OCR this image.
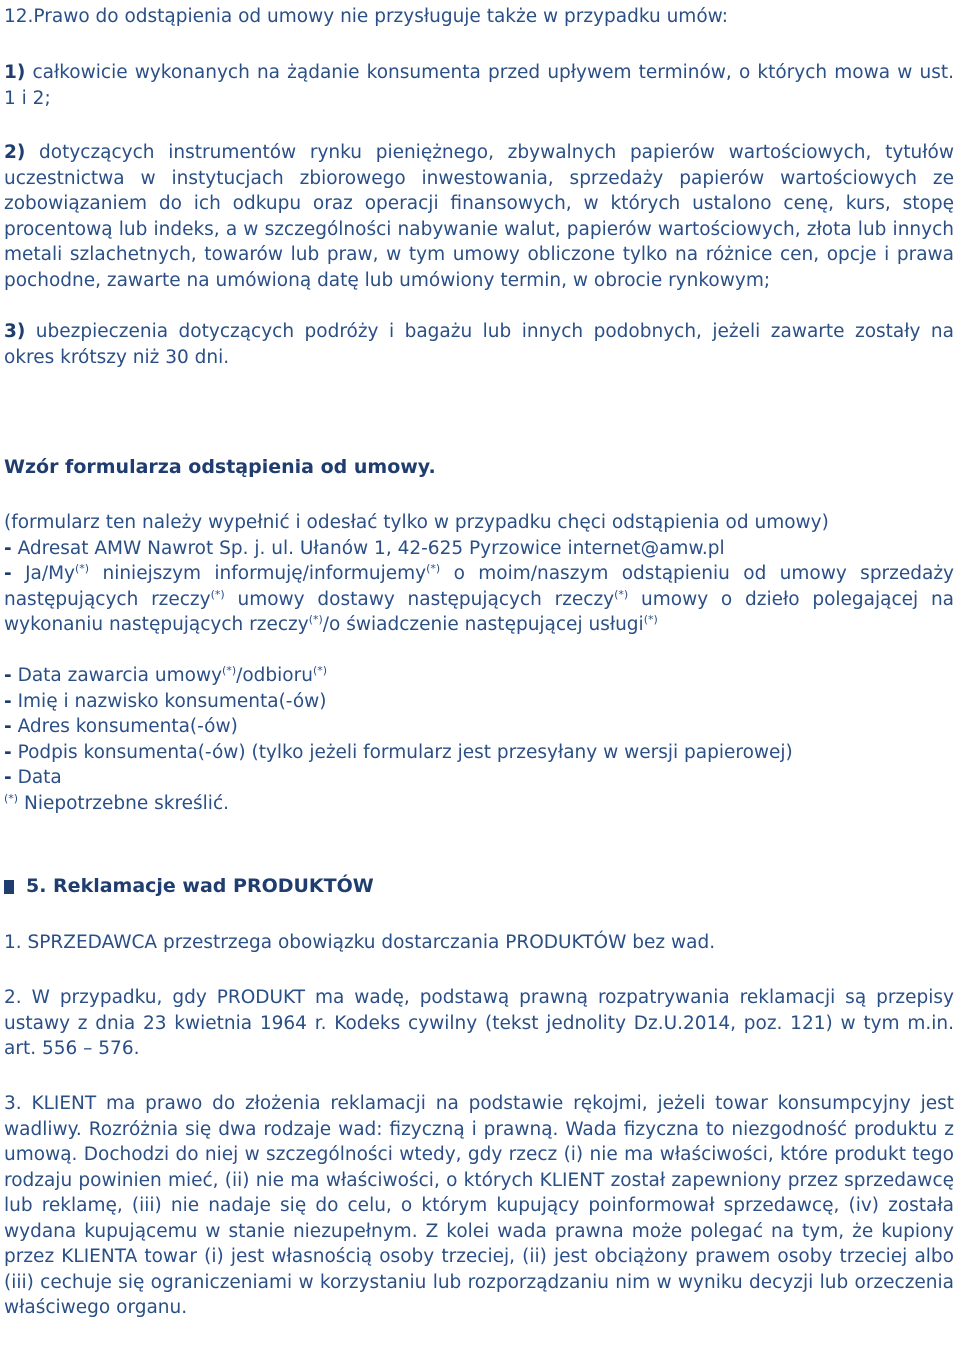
12.Prawo do odstąpienia od umowy nie przysługuje także w przypadku umów:

1) całkowicie wykonanych na żądanie konsumenta przed upływem terminów, o których mowa w ust. 1 i 2;

2) dotyczących instrumentów rynku pieniężnego, zbywalnych papierów wartościowych, tytułów uczestnictwa w instytucjach zbiorowego inwestowania, sprzedaży papierów wartościowych ze zobowiązaniem do ich odkupu oraz operacji finansowych, w których ustalono cenę, kurs, stopę procentową lub indeks, a w szczególności nabywanie walut, papierów wartościowych, złota lub innych metali szlachetnych, towarów lub praw, w tym umowy obliczone tylko na różnice cen, opcje i prawa pochodne, zawarte na umówioną datę lub umówiony termin, w obrocie rynkowym;

3) ubezpieczenia dotyczących podróży i bagażu lub innych podobnych, jeżeli zawarte zostały na okres krótszy niż 30 dni.

Wzór formularza odstąpienia od umowy.

(formularz ten należy wypełnić i odesłać tylko w przypadku chęci odstąpienia od umowy)

- Adresat AMW Nawrot Sp. j. ul. Ułanów 1, 42-625 Pyrzowice internet@amw.pl

- Ja/My(*) niniejszym informuję/informujemy(*) o moim/naszym odstąpieniu od umowy sprzedaży następujących rzeczy(*) umowy dostawy następujących rzeczy(*) umowy o dzieło polegającej na wykonaniu następujących rzeczy(*)/o świadczenie następującej usługi(*)

- Data zawarcia umowy(*)/odbioru(*)

- Imię i nazwisko konsumenta(-ów)

- Adres konsumenta(-ów)

- Podpis konsumenta(-ów) (tylko jeżeli formularz jest przesyłany w wersji papierowej)

- Data

(*) Niepotrzebne skreślić.

5. Reklamacje wad PRODUKTÓW

1. SPRZEDAWCA przestrzega obowiązku dostarczania PRODUKTÓW bez wad.

2. W przypadku, gdy PRODUKT ma wadę, podstawą prawną rozpatrywania reklamacji są przepisy ustawy z dnia 23 kwietnia 1964 r. Kodeks cywilny (tekst jednolity Dz.U.2014, poz. 121) w tym m.in. art. 556 – 576.

3. KLIENT ma prawo do złożenia reklamacji na podstawie rękojmi, jeżeli towar konsumpcyjny jest wadliwy. Rozróżnia się dwa rodzaje wad: fizyczną i prawną. Wada fizyczna to niezgodność produktu z umową. Dochodzi do niej w szczególności wtedy, gdy rzecz (i) nie ma właściwości, które produkt tego rodzaju powinien mieć, (ii) nie ma właściwości, o których KLIENT został zapewniony przez sprzedawcę lub reklamę, (iii) nie nadaje się do celu, o którym kupujący poinformował sprzedawcę, (iv) została wydana kupującemu w stanie niezupełnym. Z kolei wada prawna może polegać na tym, że kupiony przez KLIENTA towar (i) jest własnością osoby trzeciej, (ii) jest obciążony prawem osoby trzeciej albo (iii) cechuje się ograniczeniami w korzystaniu lub rozporządzaniu nim w wyniku decyzji lub orzeczenia właściwego organu.
